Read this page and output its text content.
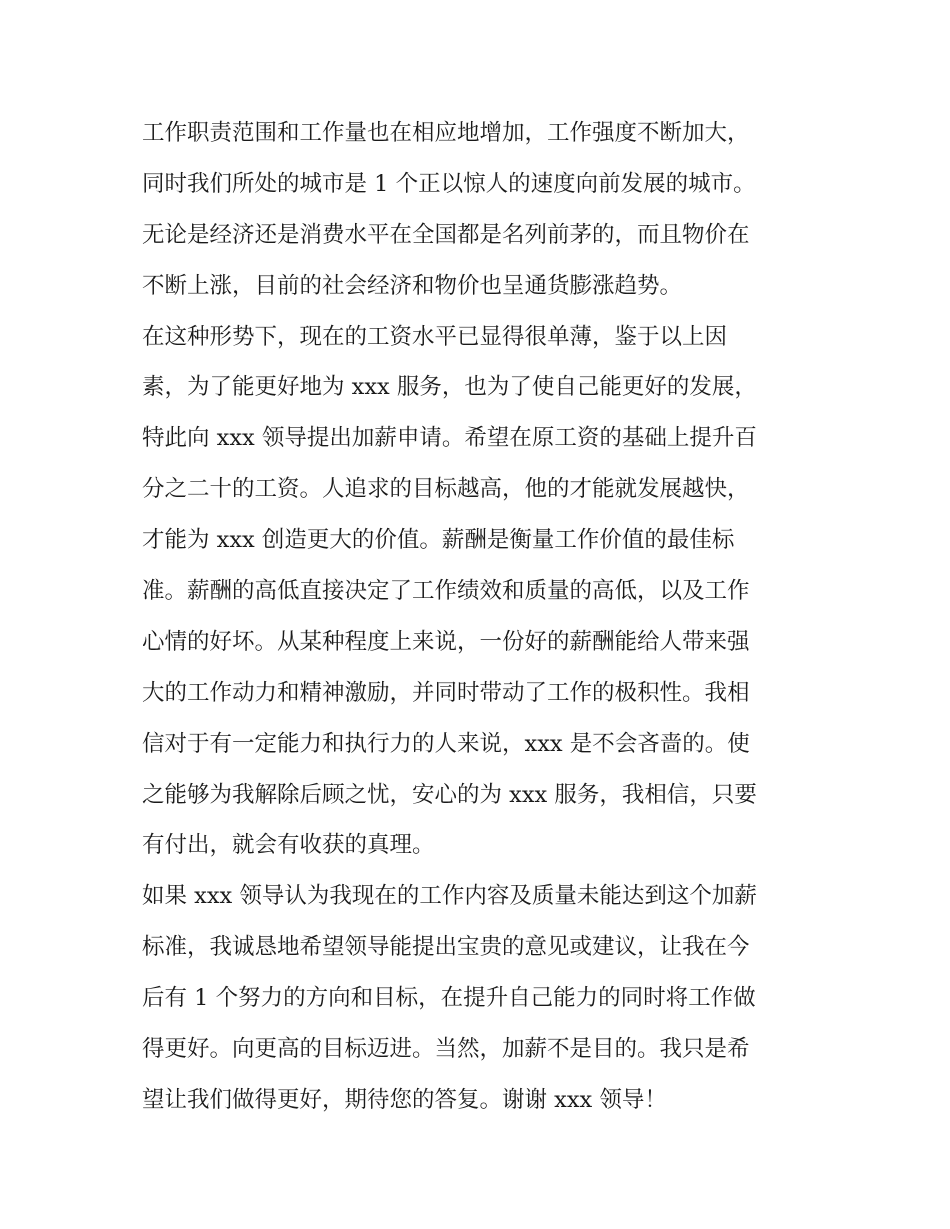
工作职责范围和工作量也在相应地增加，工作强度不断加大，
同时我们所处的城市是 1 个正以惊人的速度向前发展的城市。
无论是经济还是消费水平在全国都是名列前茅的，而且物价在
不断上涨，目前的社会经济和物价也呈通货膨涨趋势。
在这种形势下，现在的工资水平已显得很单薄，鉴于以上因
素，为了能更好地为 xxx 服务，也为了使自己能更好的发展，
特此向 xxx 领导提出加薪申请。希望在原工资的基础上提升百
分之二十的工资。人追求的目标越高，他的才能就发展越快，
才能为 xxx 创造更大的价值。薪酬是衡量工作价值的最佳标
准。薪酬的高低直接决定了工作绩效和质量的高低，以及工作
心情的好坏。从某种程度上来说，一份好的薪酬能给人带来强
大的工作动力和精神激励，并同时带动了工作的极积性。我相
信对于有一定能力和执行力的人来说，xxx 是不会吝啬的。使
之能够为我解除后顾之忧，安心的为 xxx 服务，我相信，只要
有付出，就会有收获的真理。
如果 xxx 领导认为我现在的工作内容及质量未能达到这个加薪
标准，我诚恳地希望领导能提出宝贵的意见或建议，让我在今
后有 1 个努力的方向和目标，在提升自己能力的同时将工作做
得更好。向更高的目标迈进。当然，加薪不是目的。我只是希
望让我们做得更好，期待您的答复。谢谢 xxx 领导！
